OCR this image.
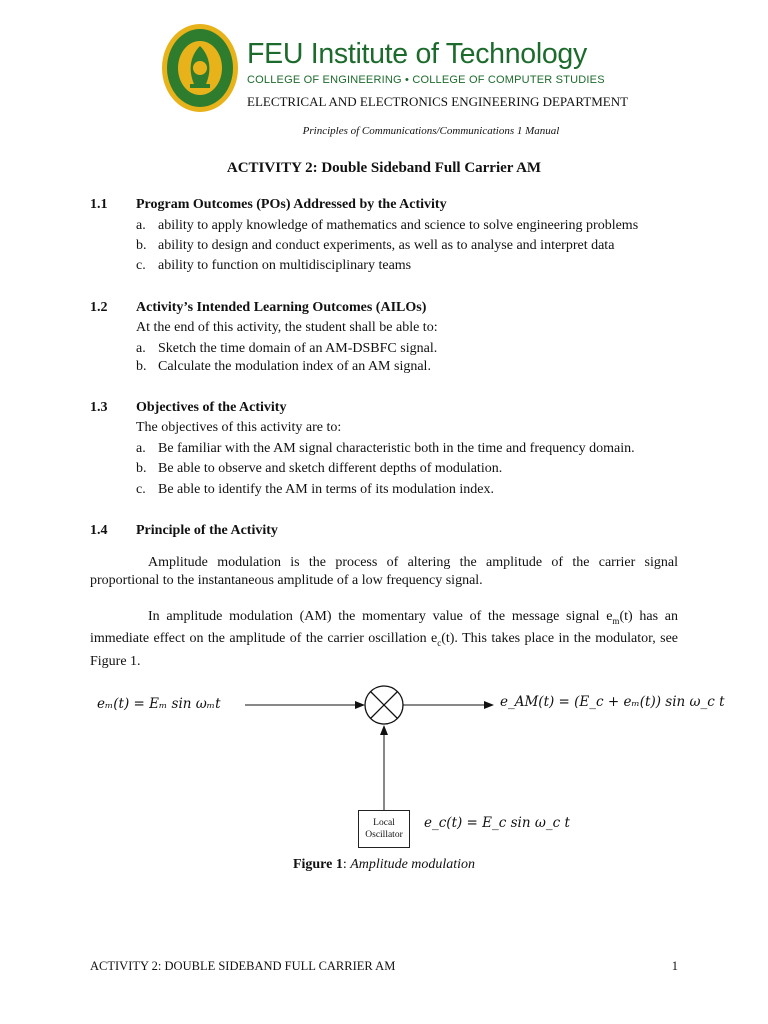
FEU Institute of Technology
COLLEGE OF ENGINEERING • COLLEGE OF COMPUTER STUDIES
ELECTRICAL AND ELECTRONICS ENGINEERING DEPARTMENT
Principles of Communications/Communications 1 Manual
ACTIVITY 2: Double Sideband Full Carrier AM
1.1 Program Outcomes (POs) Addressed by the Activity
a. ability to apply knowledge of mathematics and science to solve engineering problems
b. ability to design and conduct experiments, as well as to analyse and interpret data
c. ability to function on multidisciplinary teams
1.2 Activity’s Intended Learning Outcomes (AILOs)
At the end of this activity, the student shall be able to:
a. Sketch the time domain of an AM-DSBFC signal.
b. Calculate the modulation index of an AM signal.
1.3 Objectives of the Activity
The objectives of this activity are to:
a. Be familiar with the AM signal characteristic both in the time and frequency domain.
b. Be able to observe and sketch different depths of modulation.
c. Be able to identify the AM in terms of its modulation index.
1.4 Principle of the Activity
Amplitude modulation is the process of altering the amplitude of the carrier signal proportional to the instantaneous amplitude of a low frequency signal.
In amplitude modulation (AM) the momentary value of the message signal $e_m(t)$ has an immediate effect on the amplitude of the carrier oscillation $e_c(t)$. This takes place in the modulator, see Figure 1.
eₘ(t) = Eₘ sin ωₘt	e_AM(t) = (E_c + eₘ(t)) sin ω_c t
e_c(t) = E_c sin ω_c t
Local
Oscillator
Figure 1: Amplitude modulation
ACTIVITY 2: DOUBLE SIDEBAND FULL CARRIER AM	1
